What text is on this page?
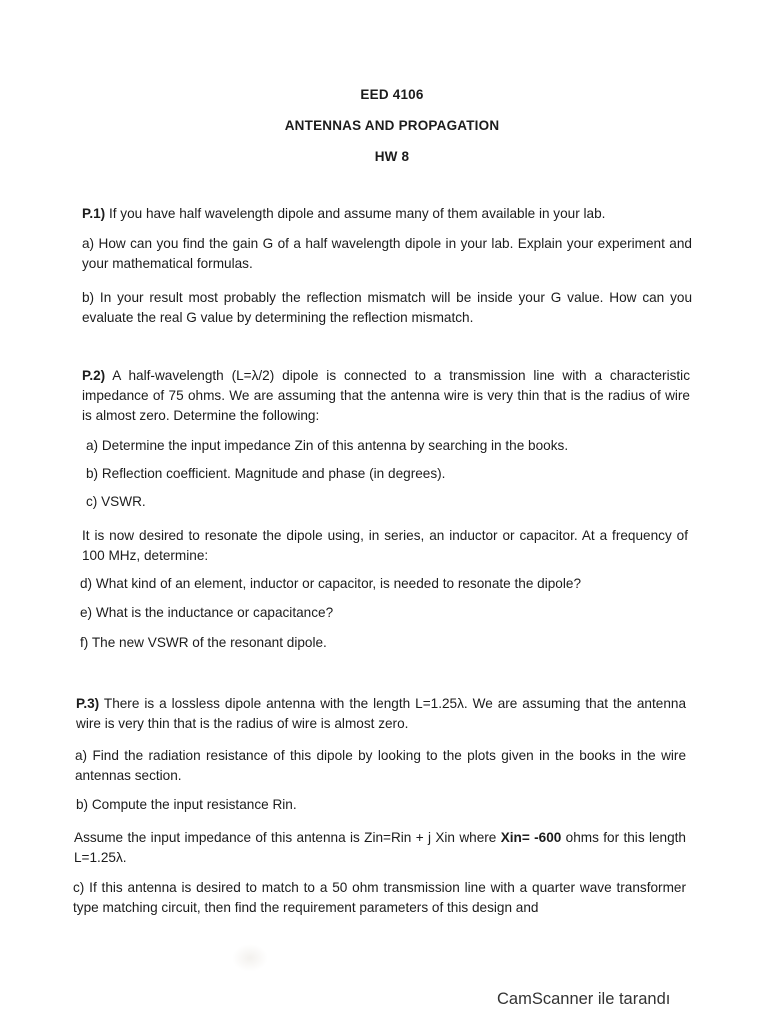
EED 4106
ANTENNAS AND PROPAGATION
HW 8

P.1) If you have half wavelength dipole and assume many of them available in your lab.

a) How can you find the gain G of a half wavelength dipole in your lab. Explain your experiment and your mathematical formulas.

b) In your result most probably the reflection mismatch will be inside your G value. How can you evaluate the real G value by determining the reflection mismatch.

P.2) A half-wavelength (L=λ/2) dipole is connected to a transmission line with a characteristic impedance of 75 ohms. We are assuming that the antenna wire is very thin that is the radius of wire is almost zero. Determine the following:

a) Determine the input impedance Zin of this antenna by searching in the books.

b) Reflection coefficient. Magnitude and phase (in degrees).

c) VSWR.

It is now desired to resonate the dipole using, in series, an inductor or capacitor. At a frequency of 100 MHz, determine:

d) What kind of an element, inductor or capacitor, is needed to resonate the dipole?

e) What is the inductance or capacitance?

f) The new VSWR of the resonant dipole.

P.3) There is a lossless dipole antenna with the length L=1.25λ. We are assuming that the antenna wire is very thin that is the radius of wire is almost zero.

a) Find the radiation resistance of this dipole by looking to the plots given in the books in the wire antennas section.

b) Compute the input resistance Rin.

Assume the input impedance of this antenna is Zin=Rin + j Xin where Xin= -600 ohms for this length L=1.25λ.

c) If this antenna is desired to match to a 50 ohm transmission line with a quarter wave transformer type matching circuit, then find the requirement parameters of this design and

CamScanner ile tarandı
